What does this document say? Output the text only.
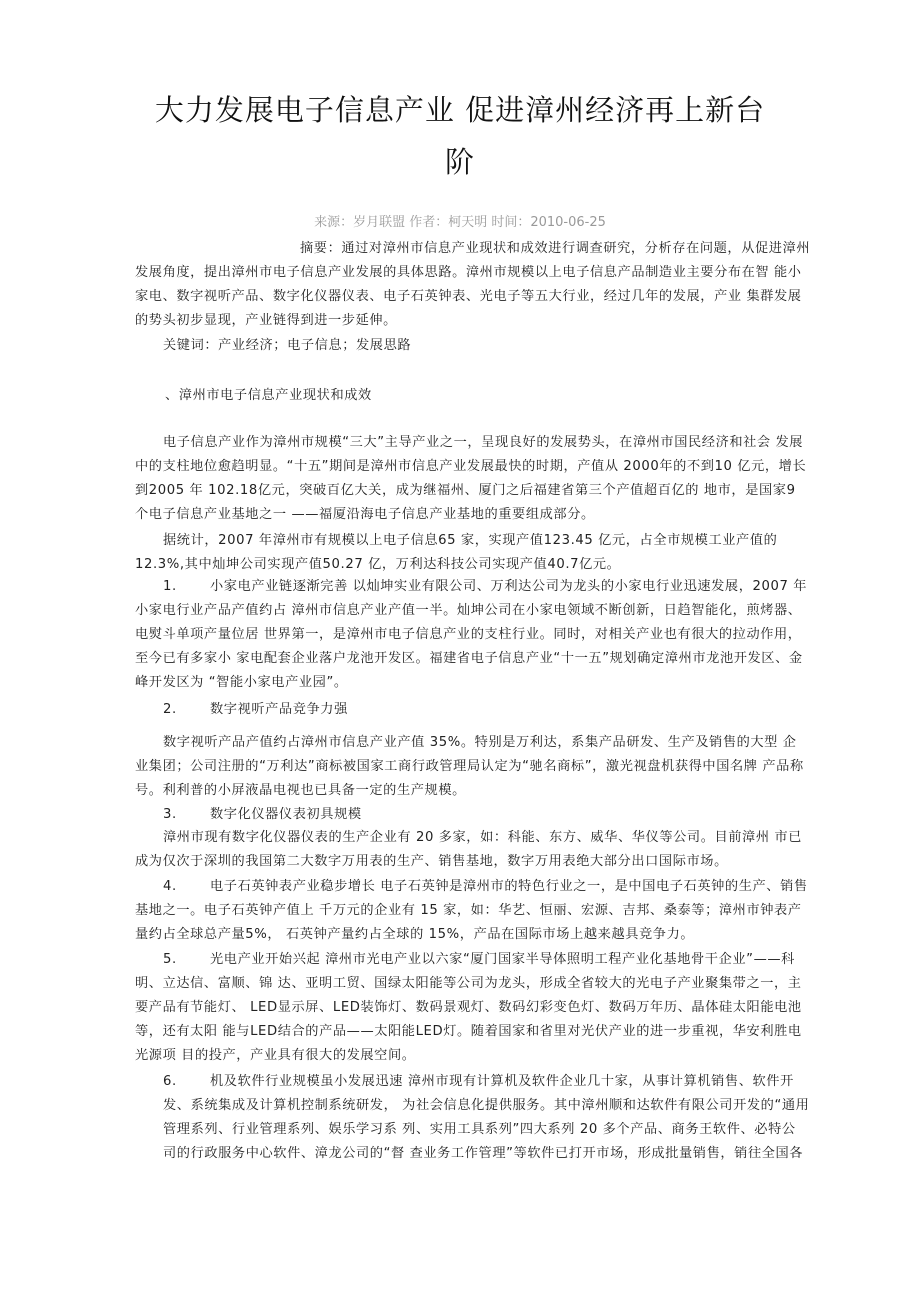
大力发展电子信息产业 促进漳州经济再上新台
阶
来源：岁月联盟 作者：柯天明 时间：2010-06-25
摘要：通过对漳州市信息产业现状和成效进行调查研究，分析存在问题，从促进漳州
发展角度，提出漳州市电子信息产业发展的具体思路。漳州市规模以上电子信息产品制造业主要分布在智 能小
家电、数字视听产品、数字化仪器仪表、电子石英钟表、光电子等五大行业，经过几年的发展，产业 集群发展
的势头初步显现，产业链得到进一步延伸。
关键词：产业经济；电子信息；发展思路
、漳州市电子信息产业现状和成效
电子信息产业作为漳州市规模“三大”主导产业之一，呈现良好的发展势头，在漳州市国民经济和社会 发展
中的支柱地位愈趋明显。“十五”期间是漳州市信息产业发展最快的时期，产值从 2000年的不到10 亿元，增长
到2005 年 102.18亿元，突破百亿大关，成为继福州、厦门之后福建省第三个产值超百亿的 地市，是国家9
个电子信息产业基地之一 ——福厦沿海电子信息产业基地的重要组成部分。
据统计，2007 年漳州市有规模以上电子信息65 家，实现产值123.45 亿元，占全市规模工业产值的
12.3%,其中灿坤公司实现产值50.27 亿，万利达科技公司实现产值40.7亿元。
1.	小家电产业链逐渐完善 以灿坤实业有限公司、万利达公司为龙头的小家电行业迅速发展，2007 年
小家电行业产品产值约占 漳州市信息产业产值一半。灿坤公司在小家电领域不断创新，日趋智能化，煎烤器、
电熨斗单项产量位居 世界第一，是漳州市电子信息产业的支柱行业。同时，对相关产业也有很大的拉动作用，
至今已有多家小 家电配套企业落户龙池开发区。福建省电子信息产业“十一五”规划确定漳州市龙池开发区、金
峰开发区为 “智能小家电产业园”。
2.	数字视听产品竞争力强
数字视听产品产值约占漳州市信息产业产值 35%。特别是万利达，系集产品研发、生产及销售的大型 企
业集团；公司注册的“万利达”商标被国家工商行政管理局认定为“驰名商标”，激光视盘机获得中国名牌 产品称
号。利利普的小屏液晶电视也已具备一定的生产规模。
3.	数字化仪器仪表初具规模
漳州市现有数字化仪器仪表的生产企业有 20 多家，如：科能、东方、威华、华仪等公司。目前漳州 市已
成为仅次于深圳的我国第二大数字万用表的生产、销售基地，数字万用表绝大部分出口国际市场。
4.	电子石英钟表产业稳步增长 电子石英钟是漳州市的特色行业之一，是中国电子石英钟的生产、销售
基地之一。电子石英钟产值上 千万元的企业有 15 家，如：华艺、恒丽、宏源、吉邦、桑泰等；漳州市钟表产
量约占全球总产量5%， 石英钟产量约占全球的 15%，产品在国际市场上越来越具竞争力。
5.	光电产业开始兴起 漳州市光电产业以六家“厦门国家半导体照明工程产业化基地骨干企业”——科
明、立达信、富顺、锦 达、亚明工贸、国绿太阳能等公司为龙头，形成全省较大的光电子产业聚集带之一，主
要产品有节能灯、 LED显示屏、LED装饰灯、数码景观灯、数码幻彩变色灯、数码万年历、晶体硅太阳能电池
等，还有太阳 能与LED结合的产品——太阳能LED灯。随着国家和省里对光伏产业的进一步重视，华安利胜电
光源项 目的投产，产业具有很大的发展空间。
6.	机及软件行业规模虽小发展迅速 漳州市现有计算机及软件企业几十家，从事计算机销售、软件开
发、系统集成及计算机控制系统研发， 为社会信息化提供服务。其中漳州顺和达软件有限公司开发的“通用
管理系列、行业管理系列、娱乐学习系 列、实用工具系列”四大系列 20 多个产品、商务王软件、必特公
司的行政服务中心软件、漳龙公司的“督 查业务工作管理”等软件已打开市场，形成批量销售，销往全国各
